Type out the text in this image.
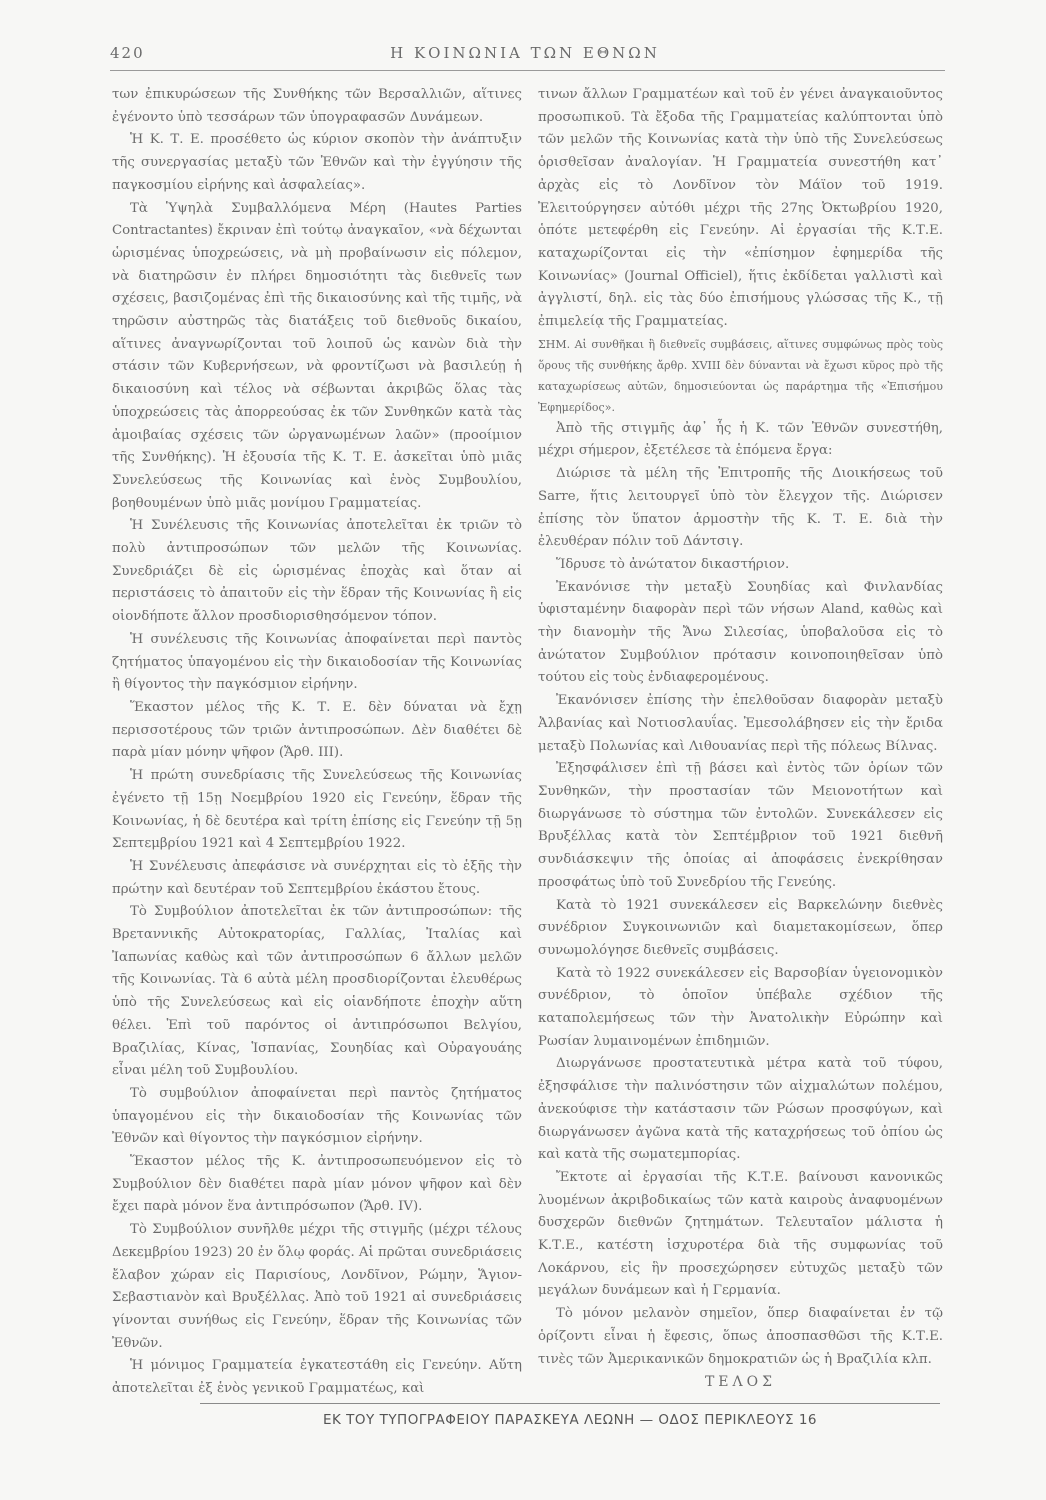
420	Η ΚΟΙΝΩΝΙΑ ΤΩΝ ΕΘΝΩΝ

των ἐπικυρώσεων τῆς Συνθήκης τῶν Βερσαλλιῶν, αἵτινες ἐγένοντο ὑπὸ τεσσάρων τῶν ὑπογραφασῶν Δυνάμεων.

Ἡ Κ. Τ. Ε. προσέθετο ὡς κύριον σκοπὸν τὴν ἀνάπτυξιν τῆς συνεργασίας μεταξὺ τῶν Ἐθνῶν καὶ τὴν ἐγγύησιν τῆς παγκοσμίου εἰρήνης καὶ ἀσφαλείας».

Τὰ Ὑψηλὰ Συμβαλλόμενα Μέρη (Hautes Parties Contractantes) ἔκριναν ἐπὶ τούτῳ ἀναγκαῖον, «νὰ δέχωνται ὡρισμένας ὑποχρεώσεις, νὰ μὴ προβαίνωσιν εἰς πόλεμον, νὰ διατηρῶσιν ἐν πλήρει δημοσιότητι τὰς διεθνεῖς των σχέσεις, βασιζομένας ἐπὶ τῆς δικαιοσύνης καὶ τῆς τιμῆς, νὰ τηρῶσιν αὐστηρῶς τὰς διατάξεις τοῦ διεθνοῦς δικαίου, αἵτινες ἀναγνωρίζονται τοῦ λοιποῦ ὡς κανὼν διὰ τὴν στάσιν τῶν Κυβερνήσεων, νὰ φροντίζωσι νὰ βασιλεύῃ ἡ δικαιοσύνη καὶ τέλος νὰ σέβωνται ἀκριβῶς ὅλας τὰς ὑποχρεώσεις τὰς ἀπορρεούσας ἐκ τῶν Συνθηκῶν κατὰ τὰς ἀμοιβαίας σχέσεις τῶν ὠργανωμένων λαῶν» (προοίμιον τῆς Συνθήκης). Ἡ ἐξουσία τῆς Κ. Τ. Ε. ἀσκεῖται ὑπὸ μιᾶς Συνελεύσεως τῆς Κοινωνίας καὶ ἑνὸς Συμβουλίου, βοηθουμένων ὑπὸ μιᾶς μονίμου Γραμματείας.

Ἡ Συνέλευσις τῆς Κοινωνίας ἀποτελεῖται ἐκ τριῶν τὸ πολὺ ἀντιπροσώπων τῶν μελῶν τῆς Κοινωνίας. Συνεδριάζει δὲ εἰς ὡρισμένας ἐποχὰς καὶ ὅταν αἱ περιστάσεις τὸ ἀπαιτοῦν εἰς τὴν ἕδραν τῆς Κοινωνίας ἢ εἰς οἱονδήποτε ἄλλον προσδιορισθησόμενον τόπον.

Ἡ συνέλευσις τῆς Κοινωνίας ἀποφαίνεται περὶ παντὸς ζητήματος ὑπαγομένου εἰς τὴν δικαιοδοσίαν τῆς Κοινωνίας ἢ θίγοντος τὴν παγκόσμιον εἰρήνην.

Ἕκαστον μέλος τῆς Κ. Τ. Ε. δὲν δύναται νὰ ἔχῃ περισσοτέρους τῶν τριῶν ἀντιπροσώπων. Δὲν διαθέτει δὲ παρὰ μίαν μόνην ψῆφον (Ἄρθ. III).

Ἡ πρώτη συνεδρίασις τῆς Συνελεύσεως τῆς Κοινωνίας ἐγένετο τῇ 15ῃ Νοεμβρίου 1920 εἰς Γενεύην, ἕδραν τῆς Κοινωνίας, ἡ δὲ δευτέρα καὶ τρίτη ἐπίσης εἰς Γενεύην τῇ 5ῃ Σεπτεμβρίου 1921 καὶ 4 Σεπτεμβρίου 1922.

Ἡ Συνέλευσις ἀπεφάσισε νὰ συνέρχηται εἰς τὸ ἑξῆς τὴν πρώτην καὶ δευτέραν τοῦ Σεπτεμβρίου ἑκάστου ἔτους.

Τὸ Συμβούλιον ἀποτελεῖται ἐκ τῶν ἀντιπροσώπων: τῆς Βρεταννικῆς Αὐτοκρατορίας, Γαλλίας, Ἰταλίας καὶ Ἰαπωνίας καθὼς καὶ τῶν ἀντιπροσώπων 6 ἄλλων μελῶν τῆς Κοινωνίας. Τὰ 6 αὐτὰ μέλη προσδιορίζονται ἐλευθέρως ὑπὸ τῆς Συνελεύσεως καὶ εἰς οἱανδήποτε ἐποχὴν αὕτη θέλει. Ἐπὶ τοῦ παρόντος οἱ ἀντιπρόσωποι Βελγίου, Βραζιλίας, Κίνας, Ἱσπανίας, Σουηδίας καὶ Οὐραγουάης εἶναι μέλη τοῦ Συμβουλίου.

Τὸ συμβούλιον ἀποφαίνεται περὶ παντὸς ζητήματος ὑπαγομένου εἰς τὴν δικαιοδοσίαν τῆς Κοινωνίας τῶν Ἐθνῶν καὶ θίγοντος τὴν παγκόσμιον εἰρήνην.

Ἕκαστον μέλος τῆς Κ. ἀντιπροσωπευόμενον εἰς τὸ Συμβούλιον δὲν διαθέτει παρὰ μίαν μόνον ψῆφον καὶ δὲν ἔχει παρὰ μόνον ἕνα ἀντιπρόσωπον (Ἄρθ. IV).

Τὸ Συμβούλιον συνῆλθε μέχρι τῆς στιγμῆς (μέχρι τέλους Δεκεμβρίου 1923) 20 ἐν ὅλῳ φοράς. Αἱ πρῶται συνεδριάσεις ἔλαβον χώραν εἰς Παρισίους, Λονδῖνον, Ρώμην, Ἅγιον-Σεβαστιανὸν καὶ Βρυξέλλας. Ἀπὸ τοῦ 1921 αἱ συνεδριάσεις γίνονται συνήθως εἰς Γενεύην, ἕδραν τῆς Κοινωνίας τῶν Ἐθνῶν.

Ἡ μόνιμος Γραμματεία ἐγκατεστάθη εἰς Γενεύην. Αὕτη ἀποτελεῖται ἐξ ἑνὸς γενικοῦ Γραμματέως, καὶ

τινων ἄλλων Γραμματέων καὶ τοῦ ἐν γένει ἀναγκαιοῦντος προσωπικοῦ. Τὰ ἔξοδα τῆς Γραμματείας καλύπτονται ὑπὸ τῶν μελῶν τῆς Κοινωνίας κατὰ τὴν ὑπὸ τῆς Συνελεύσεως ὁρισθεῖσαν ἀναλογίαν. Ἡ Γραμματεία συνεστήθη κατ᾽ ἀρχὰς εἰς τὸ Λονδῖνον τὸν Μάϊον τοῦ 1919. Ἐλειτούργησεν αὐτόθι μέχρι τῆς 27ης Ὀκτωβρίου 1920, ὁπότε μετεφέρθη εἰς Γενεύην. Αἱ ἐργασίαι τῆς Κ.Τ.Ε. καταχωρίζονται εἰς τὴν «ἐπίσημον ἐφημερίδα τῆς Κοινωνίας» (Journal Officiel), ἥτις ἐκδίδεται γαλλιστὶ καὶ ἀγγλιστί, δηλ. εἰς τὰς δύο ἐπισήμους γλώσσας τῆς Κ., τῇ ἐπιμελείᾳ τῆς Γραμματείας.

ΣΗΜ. Αἱ συνθῆκαι ἢ διεθνεῖς συμβάσεις, αἵτινες συμφώνως πρὸς τοὺς ὅρους τῆς συνθήκης ἄρθρ. XVIII δὲν δύνανται νὰ ἔχωσι κῦρος πρὸ τῆς καταχωρίσεως αὐτῶν, δημοσιεύονται ὡς παράρτημα τῆς «Ἐπισήμου Ἐφημερίδος».

Ἀπὸ τῆς στιγμῆς ἀφ᾽ ἧς ἡ Κ. τῶν Ἐθνῶν συνεστήθη, μέχρι σήμερον, ἐξετέλεσε τὰ ἑπόμενα ἔργα:

Διώρισε τὰ μέλη τῆς Ἐπιτροπῆς τῆς Διοικήσεως τοῦ Sarre, ἥτις λειτουργεῖ ὑπὸ τὸν ἔλεγχον τῆς. Διώρισεν ἐπίσης τὸν ὕπατον ἁρμοστὴν τῆς Κ. Τ. Ε. διὰ τὴν ἐλευθέραν πόλιν τοῦ Δάντσιγ.

Ἵδρυσε τὸ ἀνώτατον δικαστήριον.

Ἐκανόνισε τὴν μεταξὺ Σουηδίας καὶ Φινλανδίας ὑφισταμένην διαφορὰν περὶ τῶν νήσων Aland, καθὼς καὶ τὴν διανομὴν τῆς Ἄνω Σιλεσίας, ὑποβαλοῦσα εἰς τὸ ἀνώτατον Συμβούλιον πρότασιν κοινοποιηθεῖσαν ὑπὸ τούτου εἰς τοὺς ἐνδιαφερομένους.

Ἐκανόνισεν ἐπίσης τὴν ἐπελθοῦσαν διαφορὰν μεταξὺ Ἀλβανίας καὶ Νοτιοσλαυΐας. Ἐμεσολάβησεν εἰς τὴν ἔριδα μεταξὺ Πολωνίας καὶ Λιθουανίας περὶ τῆς πόλεως Βίλνας.

Ἐξησφάλισεν ἐπὶ τῇ βάσει καὶ ἐντὸς τῶν ὁρίων τῶν Συνθηκῶν, τὴν προστασίαν τῶν Μειονοτήτων καὶ διωργάνωσε τὸ σύστημα τῶν ἐντολῶν. Συνεκάλεσεν εἰς Βρυξέλλας κατὰ τὸν Σεπτέμβριον τοῦ 1921 διεθνῆ συνδιάσκεψιν τῆς ὁποίας αἱ ἀποφάσεις ἐνεκρίθησαν προσφάτως ὑπὸ τοῦ Συνεδρίου τῆς Γενεύης.

Κατὰ τὸ 1921 συνεκάλεσεν εἰς Βαρκελώνην διεθνὲς συνέδριον Συγκοινωνιῶν καὶ διαμετακομίσεων, ὅπερ συνωμολόγησε διεθνεῖς συμβάσεις.

Κατὰ τὸ 1922 συνεκάλεσεν εἰς Βαρσοβίαν ὑγειονομικὸν συνέδριον, τὸ ὁποῖον ὑπέβαλε σχέδιον τῆς καταπολεμήσεως τῶν τὴν Ἀνατολικὴν Εὐρώπην καὶ Ρωσίαν λυμαινομένων ἐπιδημιῶν.

Διωργάνωσε προστατευτικὰ μέτρα κατὰ τοῦ τύφου, ἐξησφάλισε τὴν παλινόστησιν τῶν αἰχμαλώτων πολέμου, ἀνεκούφισε τὴν κατάστασιν τῶν Ρώσων προσφύγων, καὶ διωργάνωσεν ἀγῶνα κατὰ τῆς καταχρήσεως τοῦ ὀπίου ὡς καὶ κατὰ τῆς σωματεμπορίας.

Ἔκτοτε αἱ ἐργασίαι τῆς Κ.Τ.Ε. βαίνουσι κανονικῶς λυομένων ἀκριβοδικαίως τῶν κατὰ καιροὺς ἀναφυομένων δυσχερῶν διεθνῶν ζητημάτων. Τελευταῖον μάλιστα ἡ Κ.Τ.Ε., κατέστη ἰσχυροτέρα διὰ τῆς συμφωνίας τοῦ Λοκάρνου, εἰς ἣν προσεχώρησεν εὐτυχῶς μεταξὺ τῶν μεγάλων δυνάμεων καὶ ἡ Γερμανία.

Τὸ μόνον μελανὸν σημεῖον, ὅπερ διαφαίνεται ἐν τῷ ὁρίζοντι εἶναι ἡ ἔφεσις, ὅπως ἀποσπασθῶσι τῆς Κ.Τ.Ε. τινὲς τῶν Ἀμερικανικῶν δημοκρατιῶν ὡς ἡ Βραζιλία κλπ.

ΤΕΛΟΣ

ΕΚ ΤΟΥ ΤΥΠΟΓΡΑΦΕΙΟΥ ΠΑΡΑΣΚΕΥΑ ΛΕΩΝΗ — ΟΔΟΣ ΠΕΡΙΚΛΕΟΥΣ 16
